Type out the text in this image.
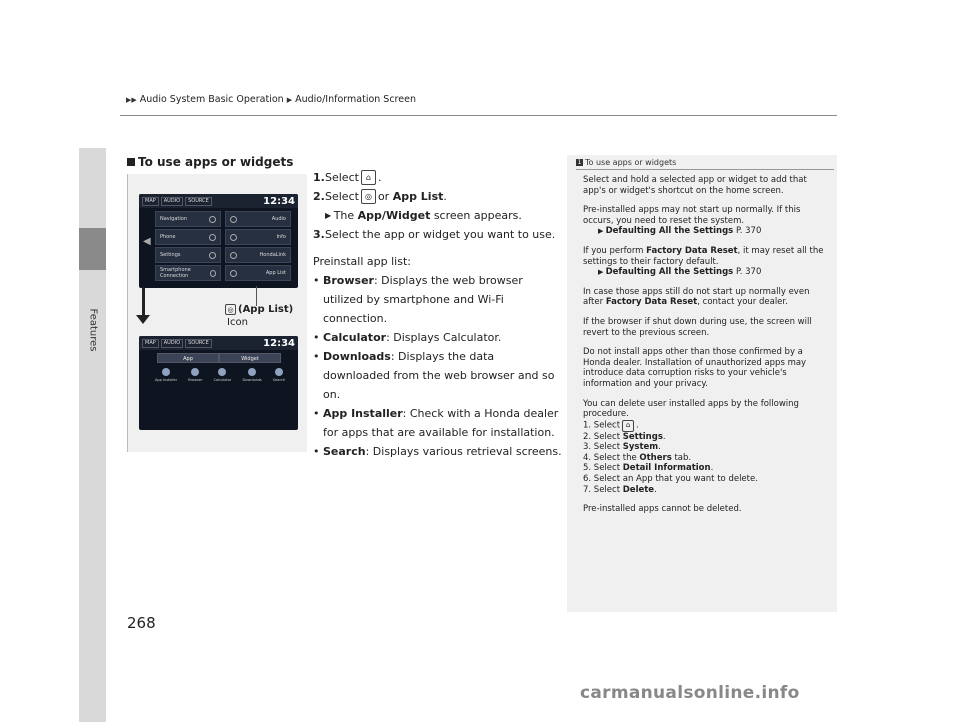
Features
▶▶ Audio System Basic Operation ▶ Audio/Information Screen
To use apps or widgets
MAP	AUDIO	SOURCE	12:34
◀
Navigation	Audio
Phone	Info
Settings	HondaLink
Smartphone Connection	App List
MAP	AUDIO	SOURCE	12:34
App	Widget
App Installer	Browser	Calculator	Downloads	Search
◎ (App List)
Icon
1. Select ⌂ .
2. Select ◎ or
App List .
▶ The
App/Widget
screen appears.
3. Select the app or widget you want to use.
Preinstall app list:
• Browser: Displays the web browser utilized by smartphone and Wi-Fi connection.
• Calculator: Displays Calculator.
• Downloads: Displays the data downloaded from the web browser and so on.
• App Installer: Check with a Honda dealer for apps that are available for installation.
• Search: Displays various retrieval screens.
1 To use apps or widgets

Select and hold a selected app or widget to add that app's or widget's shortcut on the home screen.

Pre-installed apps may not start up normally. If this occurs, you need to reset the system.
▶ Defaulting All the Settings P. 370

If you perform Factory Data Reset, it may reset all the settings to their factory default.
▶ Defaulting All the Settings P. 370

In case those apps still do not start up normally even after Factory Data Reset, contact your dealer.

If the browser if shut down during use, the screen will revert to the previous screen.

Do not install apps other than those confirmed by a Honda dealer. Installation of unauthorized apps may introduce data corruption risks to your vehicle's information and your privacy.

You can delete user installed apps by the following procedure.
1. Select ⌂ .
2. Select Settings.
3. Select System.
4. Select the Others tab.
5. Select Detail Information.
6. Select an App that you want to delete.
7. Select Delete.

Pre-installed apps cannot be deleted.

268
carmanualsonline.info
